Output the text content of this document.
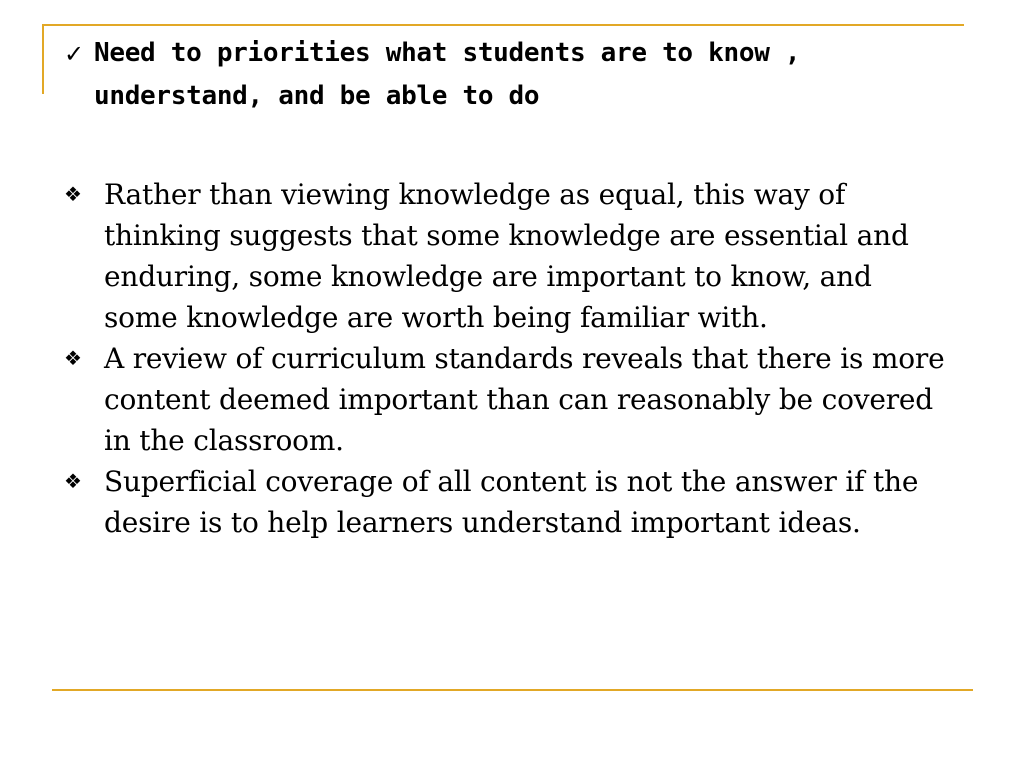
✓ Need to priorities what students are to know , understand, and be able to do
❖ Rather than viewing knowledge as equal, this way of thinking suggests that some knowledge are essential and enduring, some knowledge are important to know, and some knowledge are worth being familiar with.
❖ A review of curriculum standards reveals that there is more content deemed important than can reasonably be covered in the classroom.
❖ Superficial coverage of all content is not the answer if the desire is to help learners understand important ideas.
